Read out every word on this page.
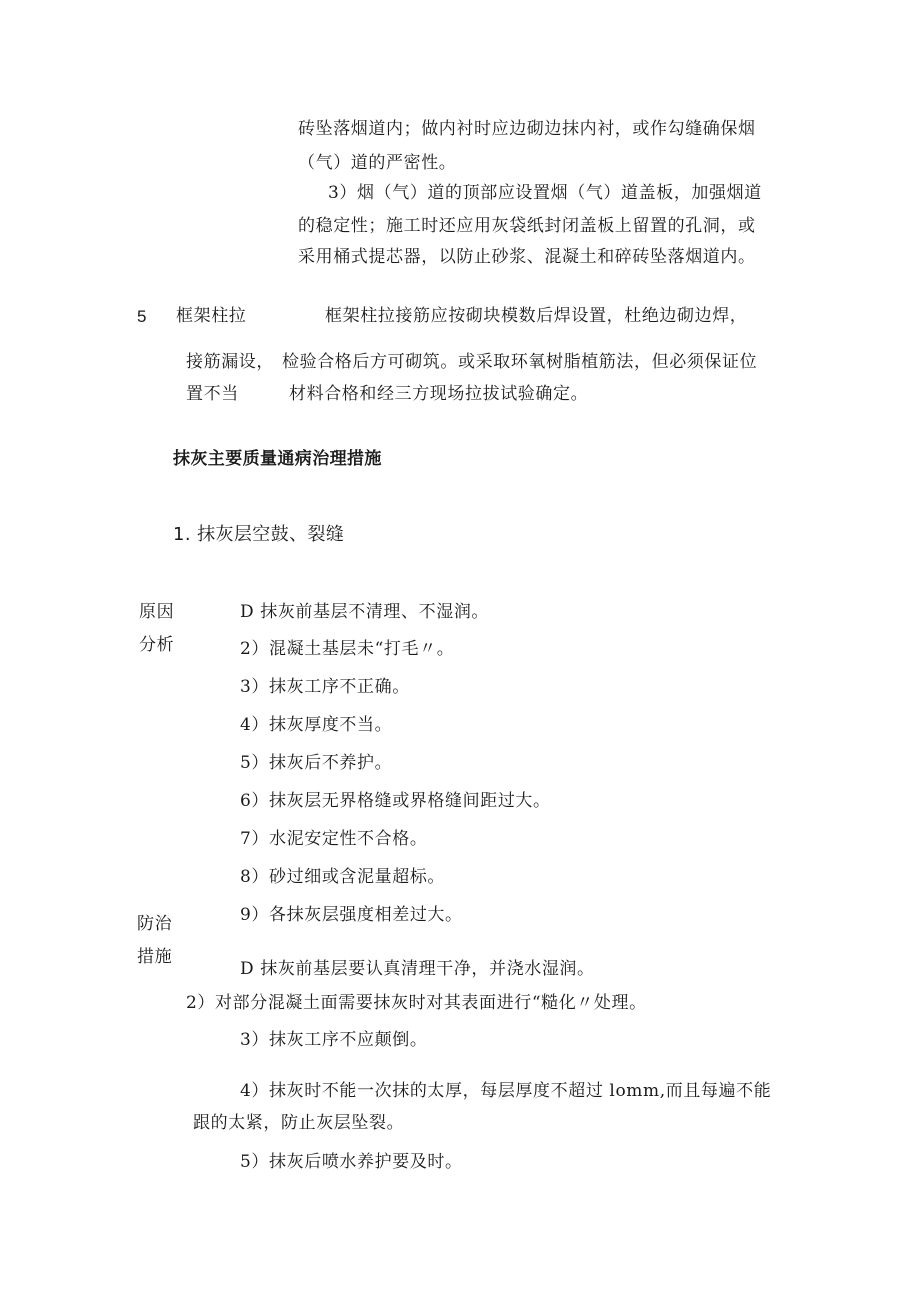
砖坠落烟道内；做内衬时应边砌边抹内衬，或作勾缝确保烟
（气）道的严密性。
3）烟（气）道的顶部应设置烟（气）道盖板，加强烟道
的稳定性；施工时还应用灰袋纸封闭盖板上留置的孔洞，或
采用桶式提芯器，以防止砂浆、混凝土和碎砖坠落烟道内。
5 框架柱拉	框架柱拉接筋应按砌块模数后焊设置，杜绝边砌边焊，
接筋漏设， 检验合格后方可砌筑。或采取环氧树脂植筋法，但必须保证位
置不当	材料合格和经三方现场拉拔试验确定。
抹灰主要质量通病治理措施
1. 抹灰层空鼓、裂缝
原因
分析
D 抹灰前基层不清理、不湿润。
2）混凝土基层未“打毛〃。
3）抹灰工序不正确。
4）抹灰厚度不当。
5）抹灰后不养护。
6）抹灰层无界格缝或界格缝间距过大。
7）水泥安定性不合格。
8）砂过细或含泥量超标。
9）各抹灰层强度相差过大。
防治
措施
D 抹灰前基层要认真清理干净，并浇水湿润。
2）对部分混凝土面需要抹灰时对其表面进行“糙化〃处理。
3）抹灰工序不应颠倒。
4）抹灰时不能一次抹的太厚，每层厚度不超过 lomm,而且每遍不能
跟的太紧，防止灰层坠裂。
5）抹灰后喷水养护要及时。
